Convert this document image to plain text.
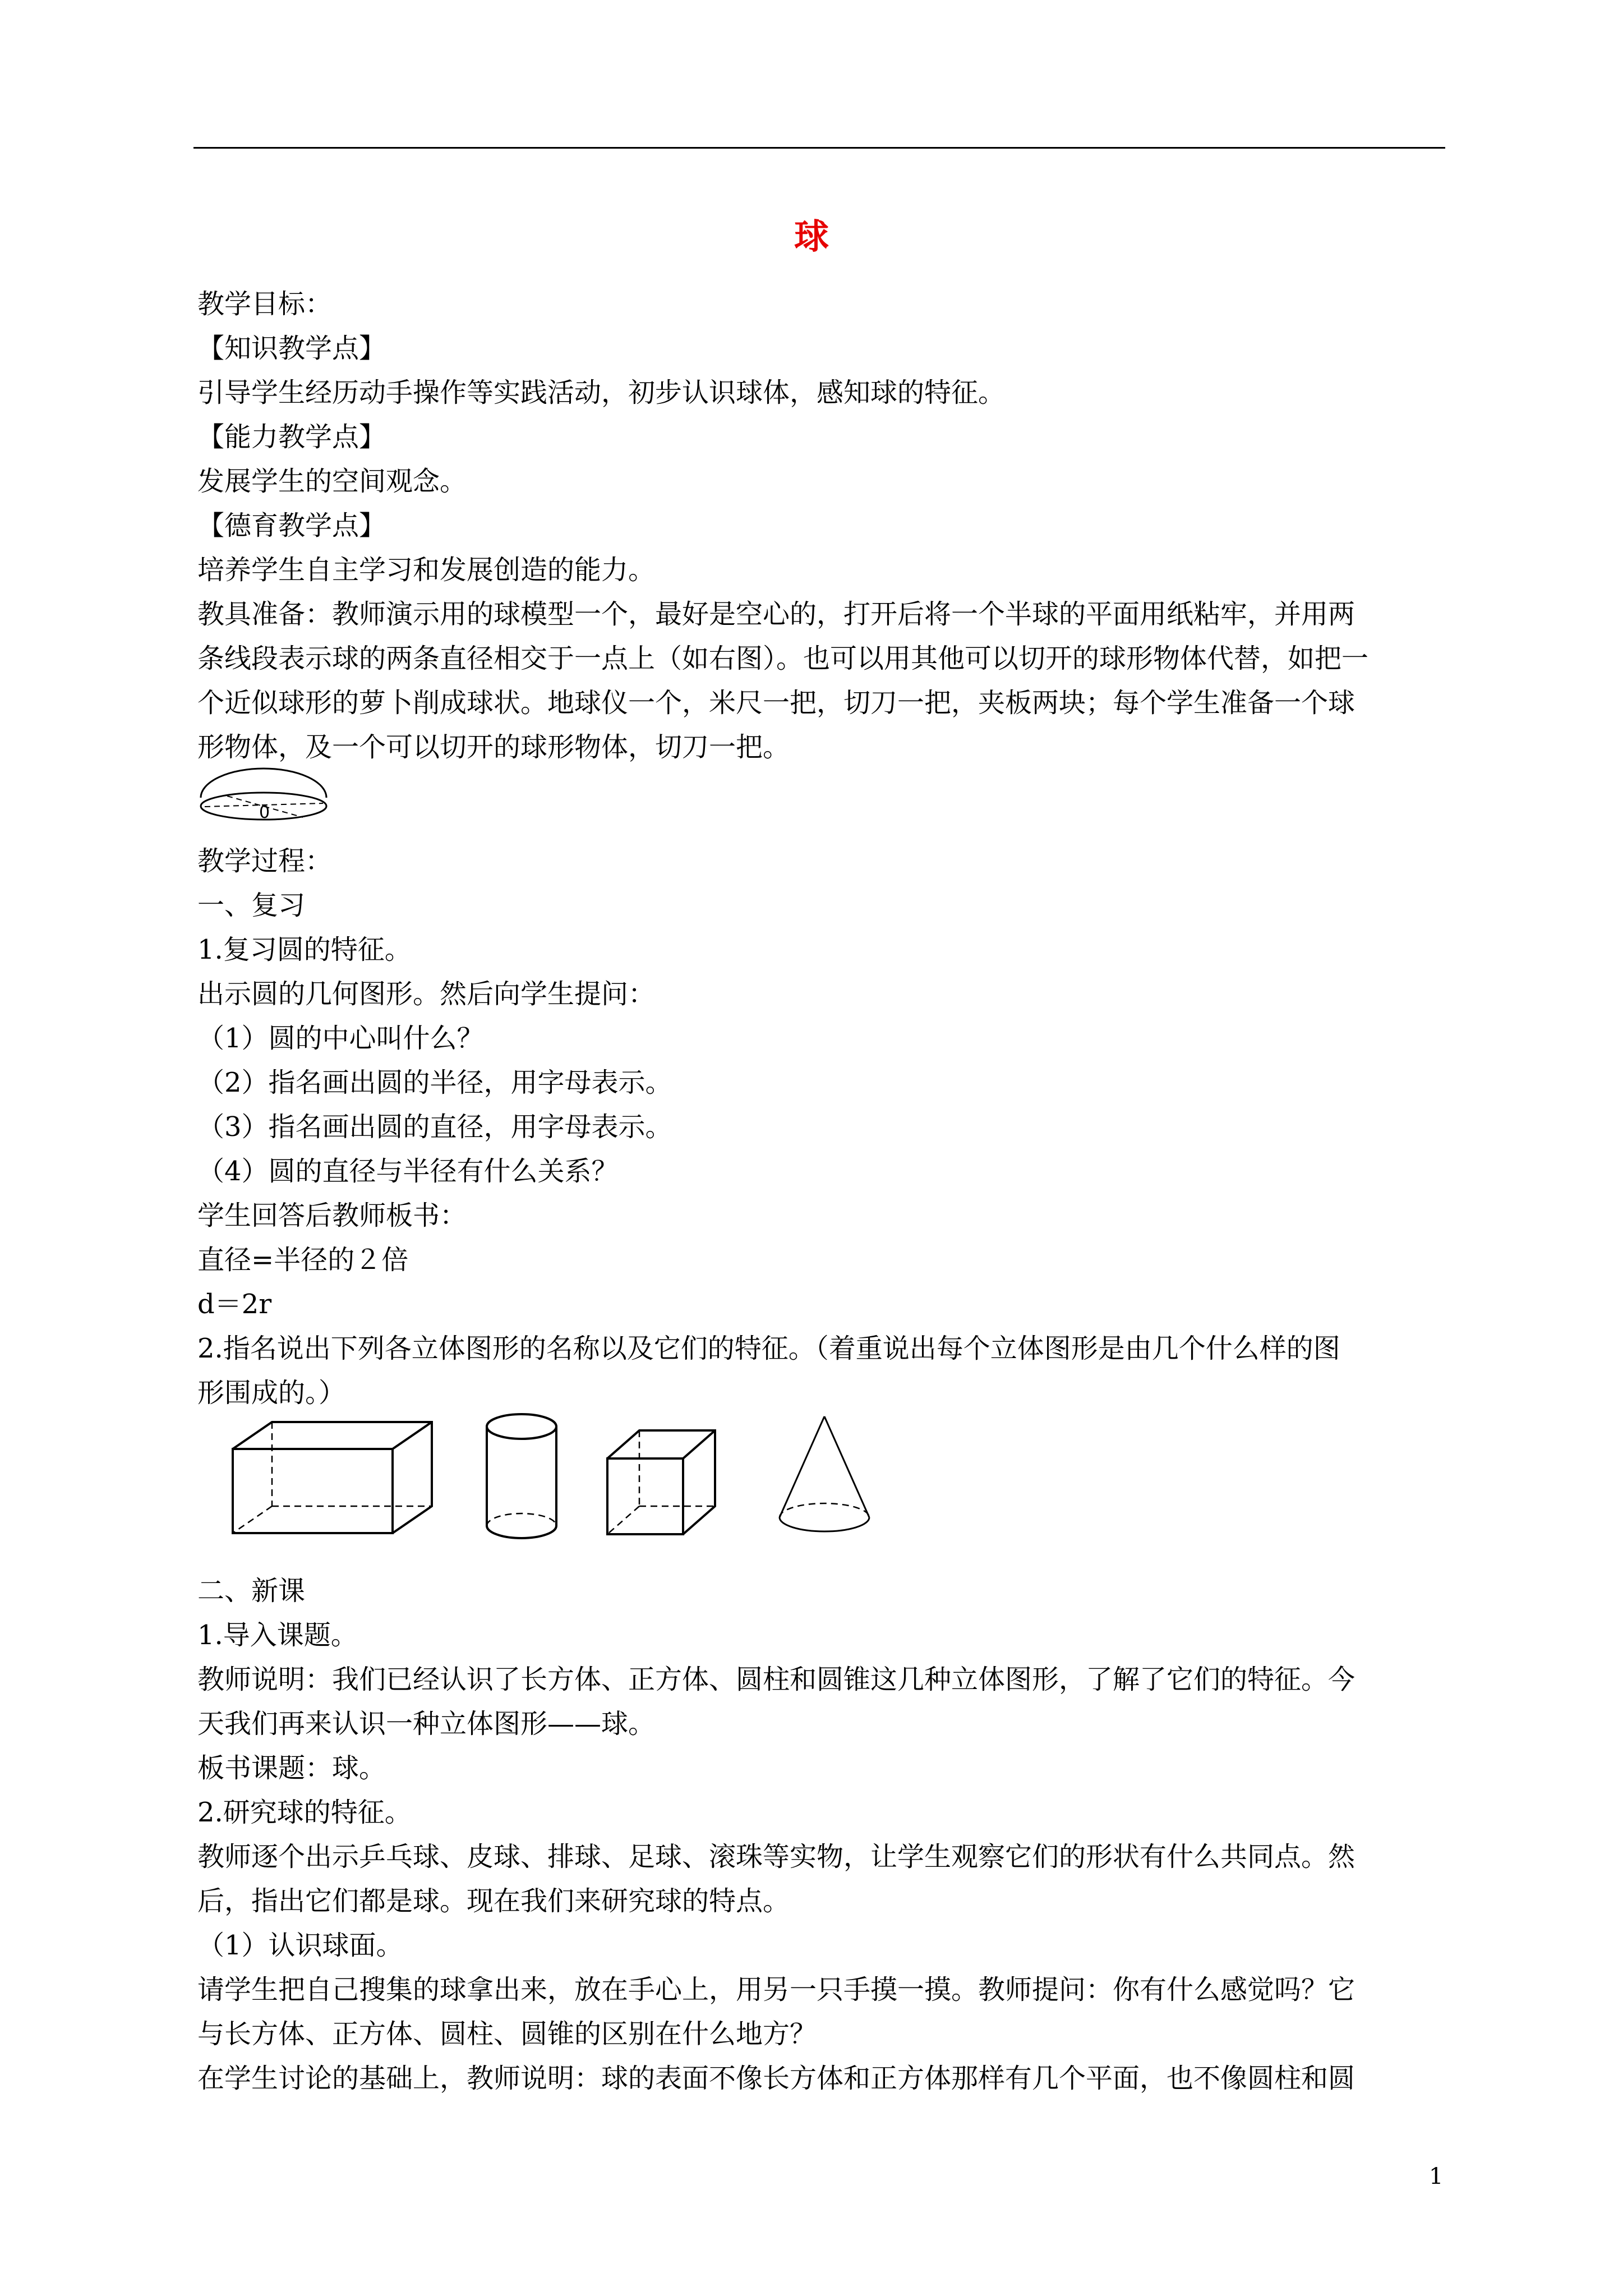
球
教学目标：
【知识教学点】
引导学生经历动手操作等实践活动，初步认识球体，感知球的特征。
【能力教学点】
发展学生的空间观念。
【德育教学点】
培养学生自主学习和发展创造的能力。
教具准备：教师演示用的球模型一个，最好是空心的，打开后将一个半球的平面用纸粘牢，并用两
条线段表示球的两条直径相交于一点上（如右图）。也可以用其他可以切开的球形物体代替，如把一
个近似球形的萝卜削成球状。地球仪一个，米尺一把，切刀一把，夹板两块；每个学生准备一个球
形物体，及一个可以切开的球形物体，切刀一把。
0
教学过程：
一、复习
1.复习圆的特征。
出示圆的几何图形。然后向学生提问：
（1）圆的中心叫什么？
（2）指名画出圆的半径，用字母表示。
（3）指名画出圆的直径，用字母表示。
（4）圆的直径与半径有什么关系？
学生回答后教师板书：
直径=半径的２倍
d＝2r
2.指名说出下列各立体图形的名称以及它们的特征。（着重说出每个立体图形是由几个什么样的图
形围成的。）
二、新课
1.导入课题。
教师说明：我们已经认识了长方体、正方体、圆柱和圆锥这几种立体图形，了解了它们的特征。今
天我们再来认识一种立体图形——球。
板书课题：球。
2.研究球的特征。
教师逐个出示乒乓球、皮球、排球、足球、滚珠等实物，让学生观察它们的形状有什么共同点。然
后，指出它们都是球。现在我们来研究球的特点。
（1）认识球面。
请学生把自己搜集的球拿出来，放在手心上，用另一只手摸一摸。教师提问：你有什么感觉吗？它
与长方体、正方体、圆柱、圆锥的区别在什么地方？
在学生讨论的基础上，教师说明：球的表面不像长方体和正方体那样有几个平面，也不像圆柱和圆
1
